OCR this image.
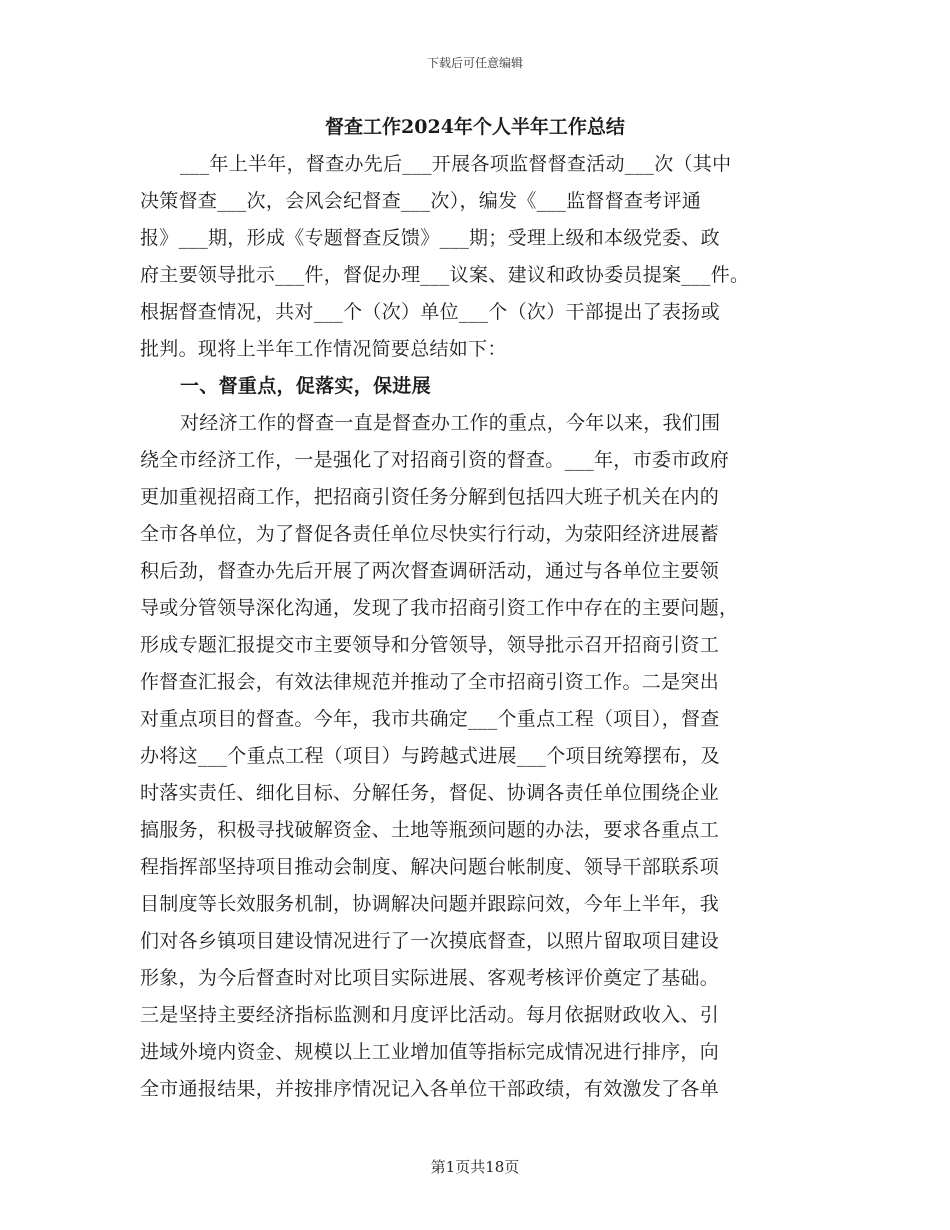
下载后可任意编辑
督查工作2024年个人半年工作总结
___年上半年，督查办先后___开展各项监督督查活动___次（其中
决策督查___次，会风会纪督查___次），编发《___监督督查考评通
报》___期，形成《专题督查反馈》___期；受理上级和本级党委、政
府主要领导批示___件，督促办理___议案、建议和政协委员提案___件。
根据督查情况，共对___个（次）单位___个（次）干部提出了表扬或
批判。现将上半年工作情况简要总结如下：
一、督重点，促落实，保进展
对经济工作的督查一直是督查办工作的重点，今年以来，我们围
绕全市经济工作，一是强化了对招商引资的督查。___年，市委市政府
更加重视招商工作，把招商引资任务分解到包括四大班子机关在内的
全市各单位，为了督促各责任单位尽快实行行动，为荥阳经济进展蓄
积后劲，督查办先后开展了两次督查调研活动，通过与各单位主要领
导或分管领导深化沟通，发现了我市招商引资工作中存在的主要问题，
形成专题汇报提交市主要领导和分管领导，领导批示召开招商引资工
作督查汇报会，有效法律规范并推动了全市招商引资工作。二是突出
对重点项目的督查。今年，我市共确定___个重点工程（项目），督查
办将这___个重点工程（项目）与跨越式进展___个项目统筹摆布，及
时落实责任、细化目标、分解任务，督促、协调各责任单位围绕企业
搞服务，积极寻找破解资金、土地等瓶颈问题的办法，要求各重点工
程指挥部坚持项目推动会制度、解决问题台帐制度、领导干部联系项
目制度等长效服务机制，协调解决问题并跟踪问效，今年上半年，我
们对各乡镇项目建设情况进行了一次摸底督查，以照片留取项目建设
形象，为今后督查时对比项目实际进展、客观考核评价奠定了基础。
三是坚持主要经济指标监测和月度评比活动。每月依据财政收入、引
进域外境内资金、规模以上工业增加值等指标完成情况进行排序，向
全市通报结果，并按排序情况记入各单位干部政绩，有效激发了各单
第1页共18页
